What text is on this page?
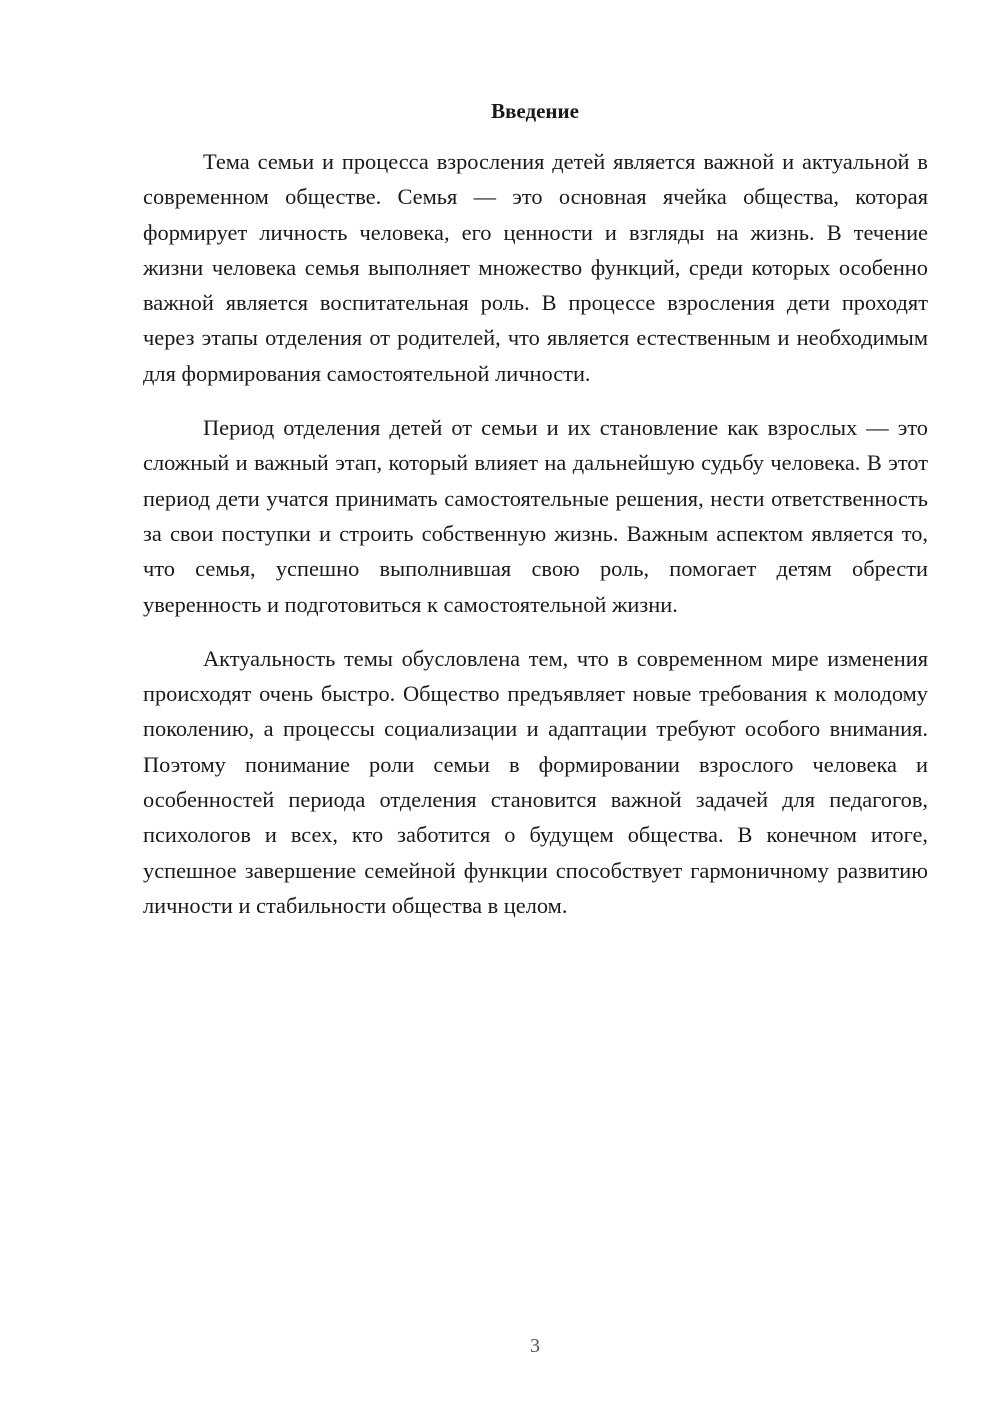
Введение

Тема семьи и процесса взросления детей является важной и актуальной в современном обществе. Семья — это основная ячейка общества, которая формирует личность человека, его ценности и взгляды на жизнь. В течение жизни человека семья выполняет множество функций, среди которых особенно важной является воспитательная роль. В процессе взросления дети проходят через этапы отделения от родителей, что является естественным и необходимым для формирования самостоятельной личности.

Период отделения детей от семьи и их становление как взрослых — это сложный и важный этап, который влияет на дальнейшую судьбу человека. В этот период дети учатся принимать самостоятельные решения, нести ответственность за свои поступки и строить собственную жизнь. Важным аспектом является то, что семья, успешно выполнившая свою роль, помогает детям обрести уверенность и подготовиться к самостоятельной жизни.

Актуальность темы обусловлена тем, что в современном мире изменения происходят очень быстро. Общество предъявляет новые требования к молодому поколению, а процессы социализации и адаптации требуют особого внимания. Поэтому понимание роли семьи в формировании взрослого человека и особенностей периода отделения становится важной задачей для педагогов, психологов и всех, кто заботится о будущем общества. В конечном итоге, успешное завершение семейной функции способствует гармоничному развитию личности и стабильности общества в целом.

3
